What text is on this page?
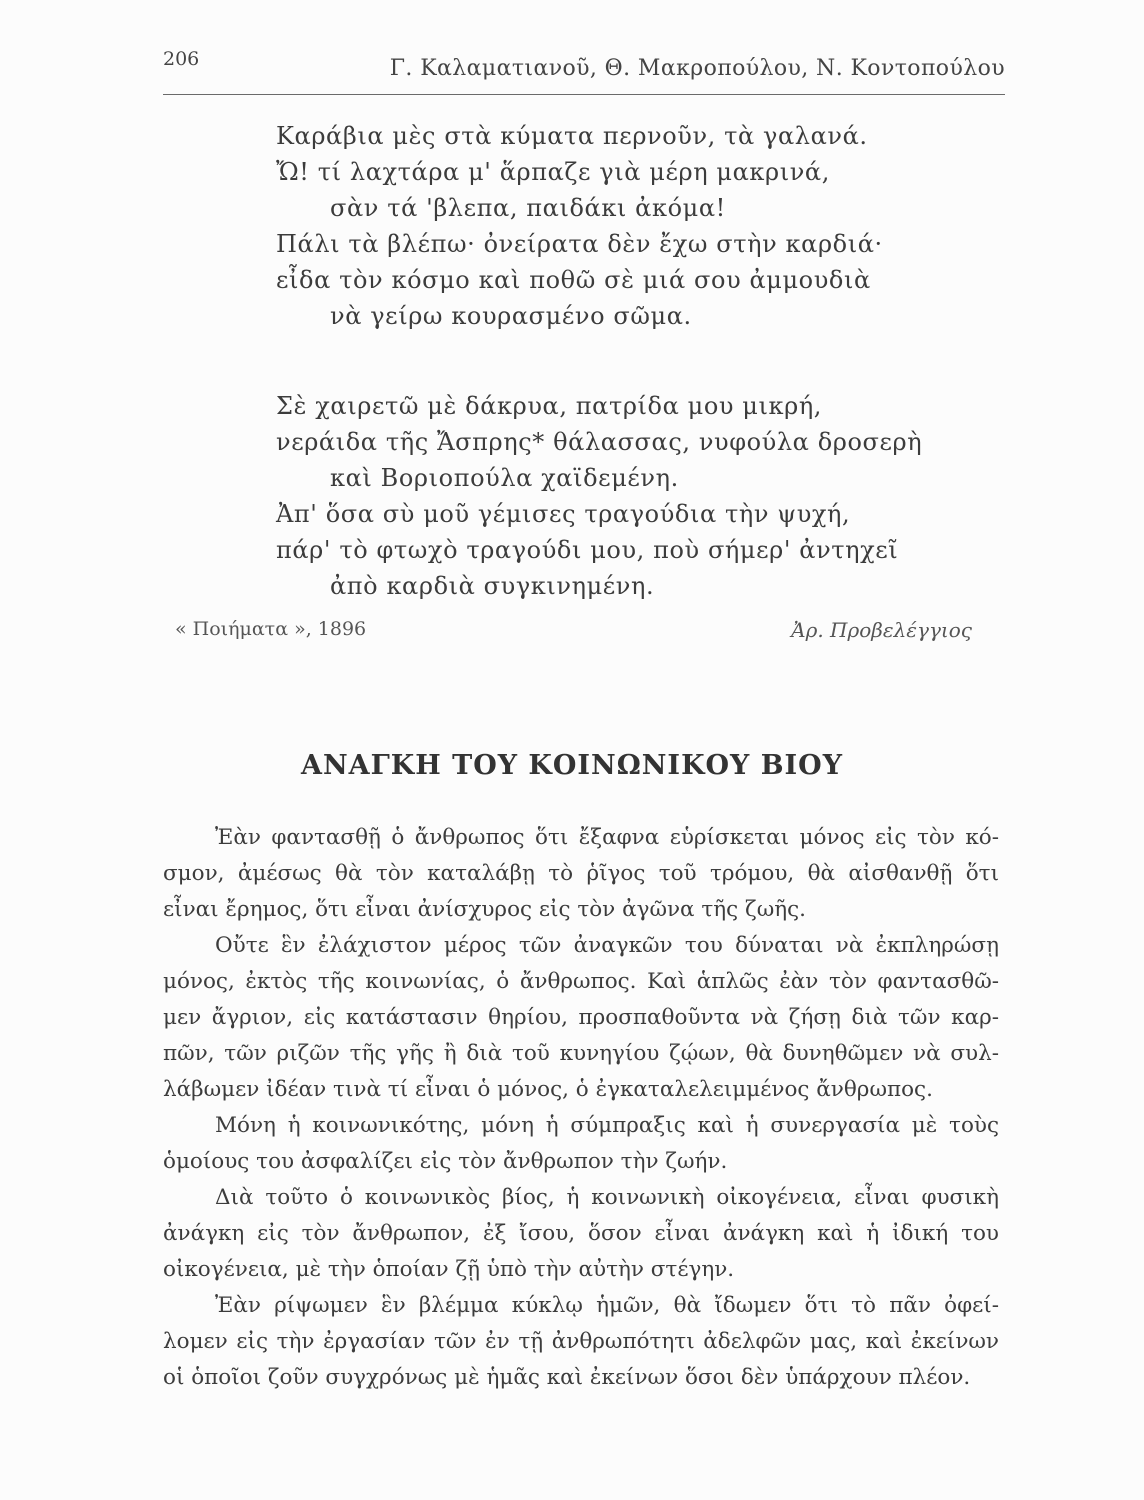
206	Γ. Καλαματιανοῦ, Θ. Μακροπούλου, Ν. Κοντοπούλου
Καράβια μὲς στὰ κύματα περνοῦν, τὰ γαλανά.
Ὤ! τί λαχτάρα μ' ἅρπαζε γιὰ μέρη μακρινά,
σὰν τά 'βλεπα, παιδάκι ἀκόμα!
Πάλι τὰ βλέπω· ὀνείρατα δὲν ἔχω στὴν καρδιά·
εἶδα τὸν κόσμο καὶ ποθῶ σὲ μιά σου ἀμμουδιὰ
νὰ γείρω κουρασμένο σῶμα.
Σὲ χαιρετῶ μὲ δάκρυα, πατρίδα μου μικρή,
νεράιδα τῆς Ἄσπρης* θάλασσας, νυφούλα δροσερὴ
καὶ Βοριοπούλα χαϊδεμένη.
Ἀπ' ὅσα σὺ μοῦ γέμισες τραγούδια τὴν ψυχή,
πάρ' τὸ φτωχὸ τραγούδι μου, ποὺ σήμερ' ἀντηχεῖ
ἀπὸ καρδιὰ συγκινημένη.
« Ποιήματα », 1896	Ἀρ. Προβελέγγιος
ΑΝΑΓΚΗ ΤΟΥ ΚΟΙΝΩΝΙΚΟΥ ΒΙΟΥ
Ἐὰν φαντασθῇ ὁ ἄνθρωπος ὅτι ἔξαφνα εὑρίσκεται μόνος εἰς τὸν κό-
σμον, ἀμέσως θὰ τὸν καταλάβῃ τὸ ῥῖγος τοῦ τρόμου, θὰ αἰσθανθῇ ὅτι
εἶναι ἔρημος, ὅτι εἶναι ἀνίσχυρος εἰς τὸν ἀγῶνα τῆς ζωῆς.
Οὔτε ἓν ἐλάχιστον μέρος τῶν ἀναγκῶν του δύναται νὰ ἐκπληρώσῃ
μόνος, ἐκτὸς τῆς κοινωνίας, ὁ ἄνθρωπος. Καὶ ἁπλῶς ἐὰν τὸν φαντασθῶ-
μεν ἄγριον, εἰς κατάστασιν θηρίου, προσπαθοῦντα νὰ ζήσῃ διὰ τῶν καρ-
πῶν, τῶν ριζῶν τῆς γῆς ἢ διὰ τοῦ κυνηγίου ζῴων, θὰ δυνηθῶμεν νὰ συλ-
λάβωμεν ἰδέαν τινὰ τί εἶναι ὁ μόνος, ὁ ἐγκαταλελειμμένος ἄνθρωπος.
Μόνη ἡ κοινωνικότης, μόνη ἡ σύμπραξις καὶ ἡ συνεργασία μὲ τοὺς
ὁμοίους του ἀσφαλίζει εἰς τὸν ἄνθρωπον τὴν ζωήν.
Διὰ τοῦτο ὁ κοινωνικὸς βίος, ἡ κοινωνικὴ οἰκογένεια, εἶναι φυσικὴ
ἀνάγκη εἰς τὸν ἄνθρωπον, ἐξ ἴσου, ὅσον εἶναι ἀνάγκη καὶ ἡ ἰδική του
οἰκογένεια, μὲ τὴν ὁποίαν ζῇ ὑπὸ τὴν αὐτὴν στέγην.
Ἐὰν ρίψωμεν ἓν βλέμμα κύκλῳ ἡμῶν, θὰ ἴδωμεν ὅτι τὸ πᾶν ὀφεί-
λομεν εἰς τὴν ἐργασίαν τῶν ἐν τῇ ἀνθρωπότητι ἀδελφῶν μας, καὶ ἐκείνων
οἱ ὁποῖοι ζοῦν συγχρόνως μὲ ἡμᾶς καὶ ἐκείνων ὅσοι δὲν ὑπάρχουν πλέον.
